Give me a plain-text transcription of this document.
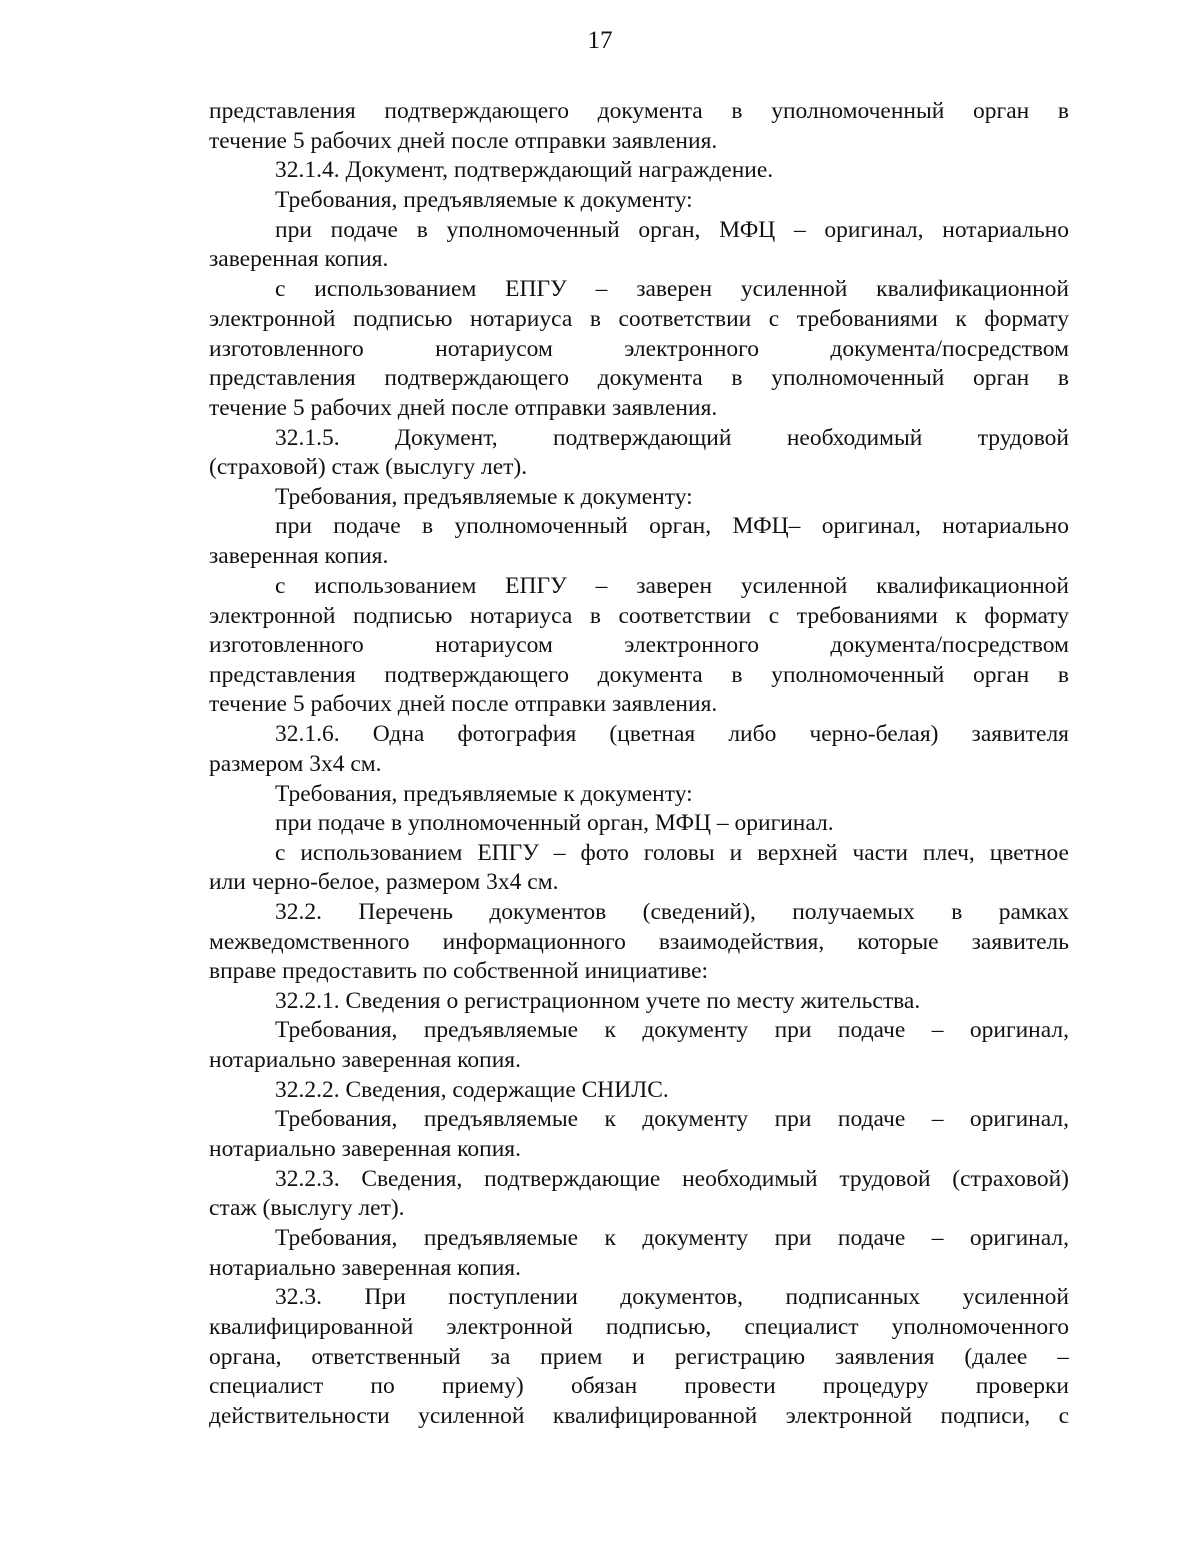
17
представления подтверждающего документа в уполномоченный орган в
течение 5 рабочих дней после отправки заявления.
32.1.4. Документ, подтверждающий награждение.
Требования, предъявляемые к документу:
при подаче в уполномоченный орган, МФЦ – оригинал, нотариально
заверенная копия.
с использованием ЕПГУ – заверен усиленной квалификационной
электронной подписью нотариуса в соответствии с требованиями к формату
изготовленного нотариусом электронного документа/посредством
представления подтверждающего документа в уполномоченный орган в
течение 5 рабочих дней после отправки заявления.
32.1.5. Документ, подтверждающий необходимый трудовой
(страховой) стаж (выслугу лет).
Требования, предъявляемые к документу:
при подаче в уполномоченный орган, МФЦ– оригинал, нотариально
заверенная копия.
с использованием ЕПГУ – заверен усиленной квалификационной
электронной подписью нотариуса в соответствии с требованиями к формату
изготовленного нотариусом электронного документа/посредством
представления подтверждающего документа в уполномоченный орган в
течение 5 рабочих дней после отправки заявления.
32.1.6. Одна фотография (цветная либо черно-белая) заявителя
размером 3х4 см.
Требования, предъявляемые к документу:
при подаче в уполномоченный орган, МФЦ – оригинал.
с использованием ЕПГУ – фото головы и верхней части плеч, цветное
или черно-белое, размером 3х4 см.
32.2. Перечень документов (сведений), получаемых в рамках
межведомственного информационного взаимодействия, которые заявитель
вправе предоставить по собственной инициативе:
32.2.1. Сведения о регистрационном учете по месту жительства.
Требования, предъявляемые к документу при подаче – оригинал,
нотариально заверенная копия.
32.2.2. Сведения, содержащие СНИЛС.
Требования, предъявляемые к документу при подаче – оригинал,
нотариально заверенная копия.
32.2.3. Сведения, подтверждающие необходимый трудовой (страховой)
стаж (выслугу лет).
Требования, предъявляемые к документу при подаче – оригинал,
нотариально заверенная копия.
32.3. При поступлении документов, подписанных усиленной
квалифицированной электронной подписью, специалист уполномоченного
органа, ответственный за прием и регистрацию заявления (далее –
специалист по приему) обязан провести процедуру проверки
действительности усиленной квалифицированной электронной подписи, с
